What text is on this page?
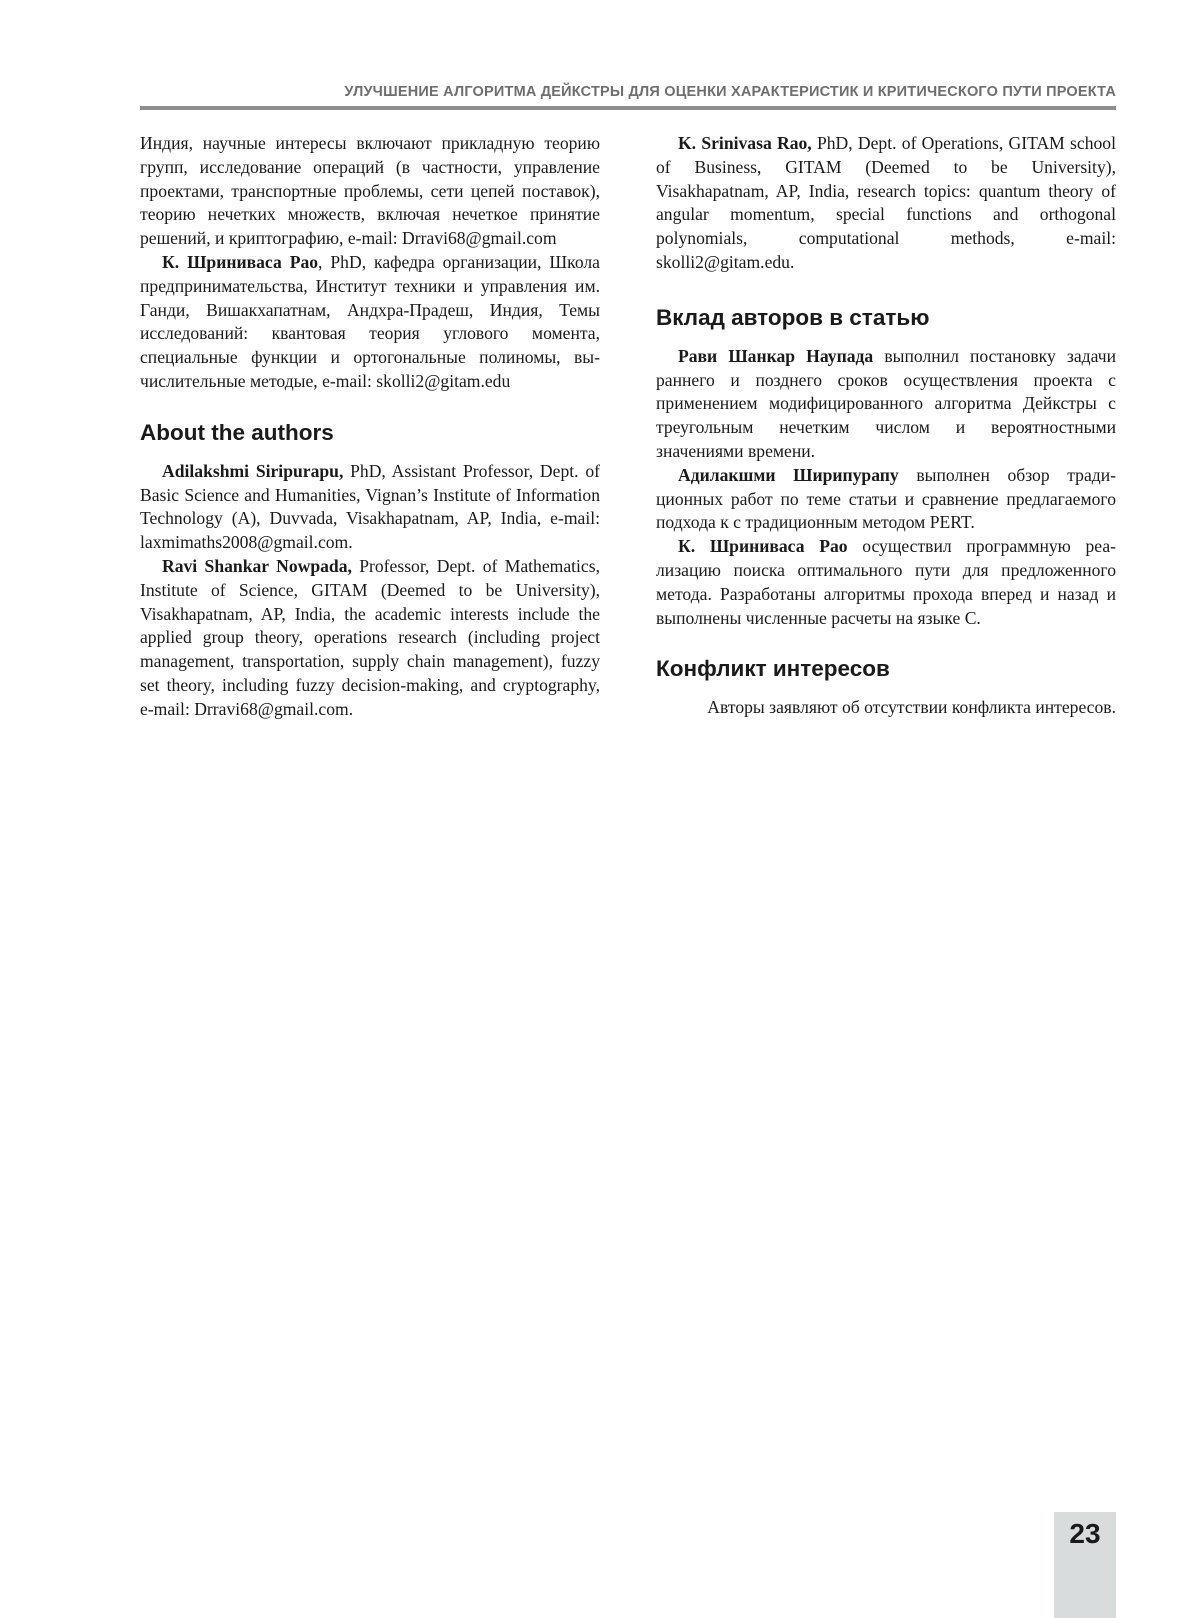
УЛУЧШЕНИЕ АЛГОРИТМА ДЕЙКСТРЫ ДЛЯ ОЦЕНКИ ХАРАКТЕРИСТИК И КРИТИЧЕСКОГО ПУТИ ПРОЕКТА

Индия, научные интересы включают прикладную теорию групп, исследование операций (в частности, управление проектами, транспортные проблемы, сети цепей поставок), теорию нечетких множеств, включая нечеткое принятие решений, и криптографию, e-mail: Drravi68@gmail.com

К. Шриниваса Рао, PhD, кафедра организации, Школа предпринимательства, Институт техники и управления им. Ганди, Вишакхапатнам, Андхра-Прадеш, Индия, Темы исследований: квантовая теория углового момента, специальные функции и ортогональные полиномы, вычислительные методые, e-mail: skolli2@gitam.edu

About the authors

Adilakshmi Siripurapu, PhD, Assistant Professor, Dept. of Basic Science and Humanities, Vignan’s Institute of Information Technology (A), Duvvada, Visakhapatnam, AP, India, e-mail: laxmimaths2008@gmail.com.

Ravi Shankar Nowpada, Professor, Dept. of Mathematics, Institute of Science, GITAM (Deemed to be University), Visakhapatnam, AP, India, the academic interests include the applied group theory, operations research (including project management, transportation, supply chain management), fuzzy set theory, including fuzzy decision-making, and cryptography, e-mail: Drravi68@gmail.com.

K. Srinivasa Rao, PhD, Dept. of Operations, GITAM school of Business, GITAM (Deemed to be University), Visakhapatnam, AP, India, research topics: quantum theory of angular momentum, special functions and orthogonal polynomials, computational methods, e-mail: skolli2@gitam.edu.

Вклад авторов в статью

Рави Шанкар Наупада выполнил постановку задачи раннего и позднего сроков осуществления проекта с применением модифицированного алгоритма Дейкстры с треугольным нечетким числом и вероятностными значениями времени.

Адилакшми Ширипурапу выполнен обзор традиционных работ по теме статьи и сравнение предлагаемого подхода к с традиционным методом PERT.

К. Шриниваса Рао осуществил программную реализацию поиска оптимального пути для предложенного метода. Разработаны алгоритмы прохода вперед и назад и выполнены численные расчеты на языке C.

Конфликт интересов

Авторы заявляют об отсутствии конфликта интересов.

23
